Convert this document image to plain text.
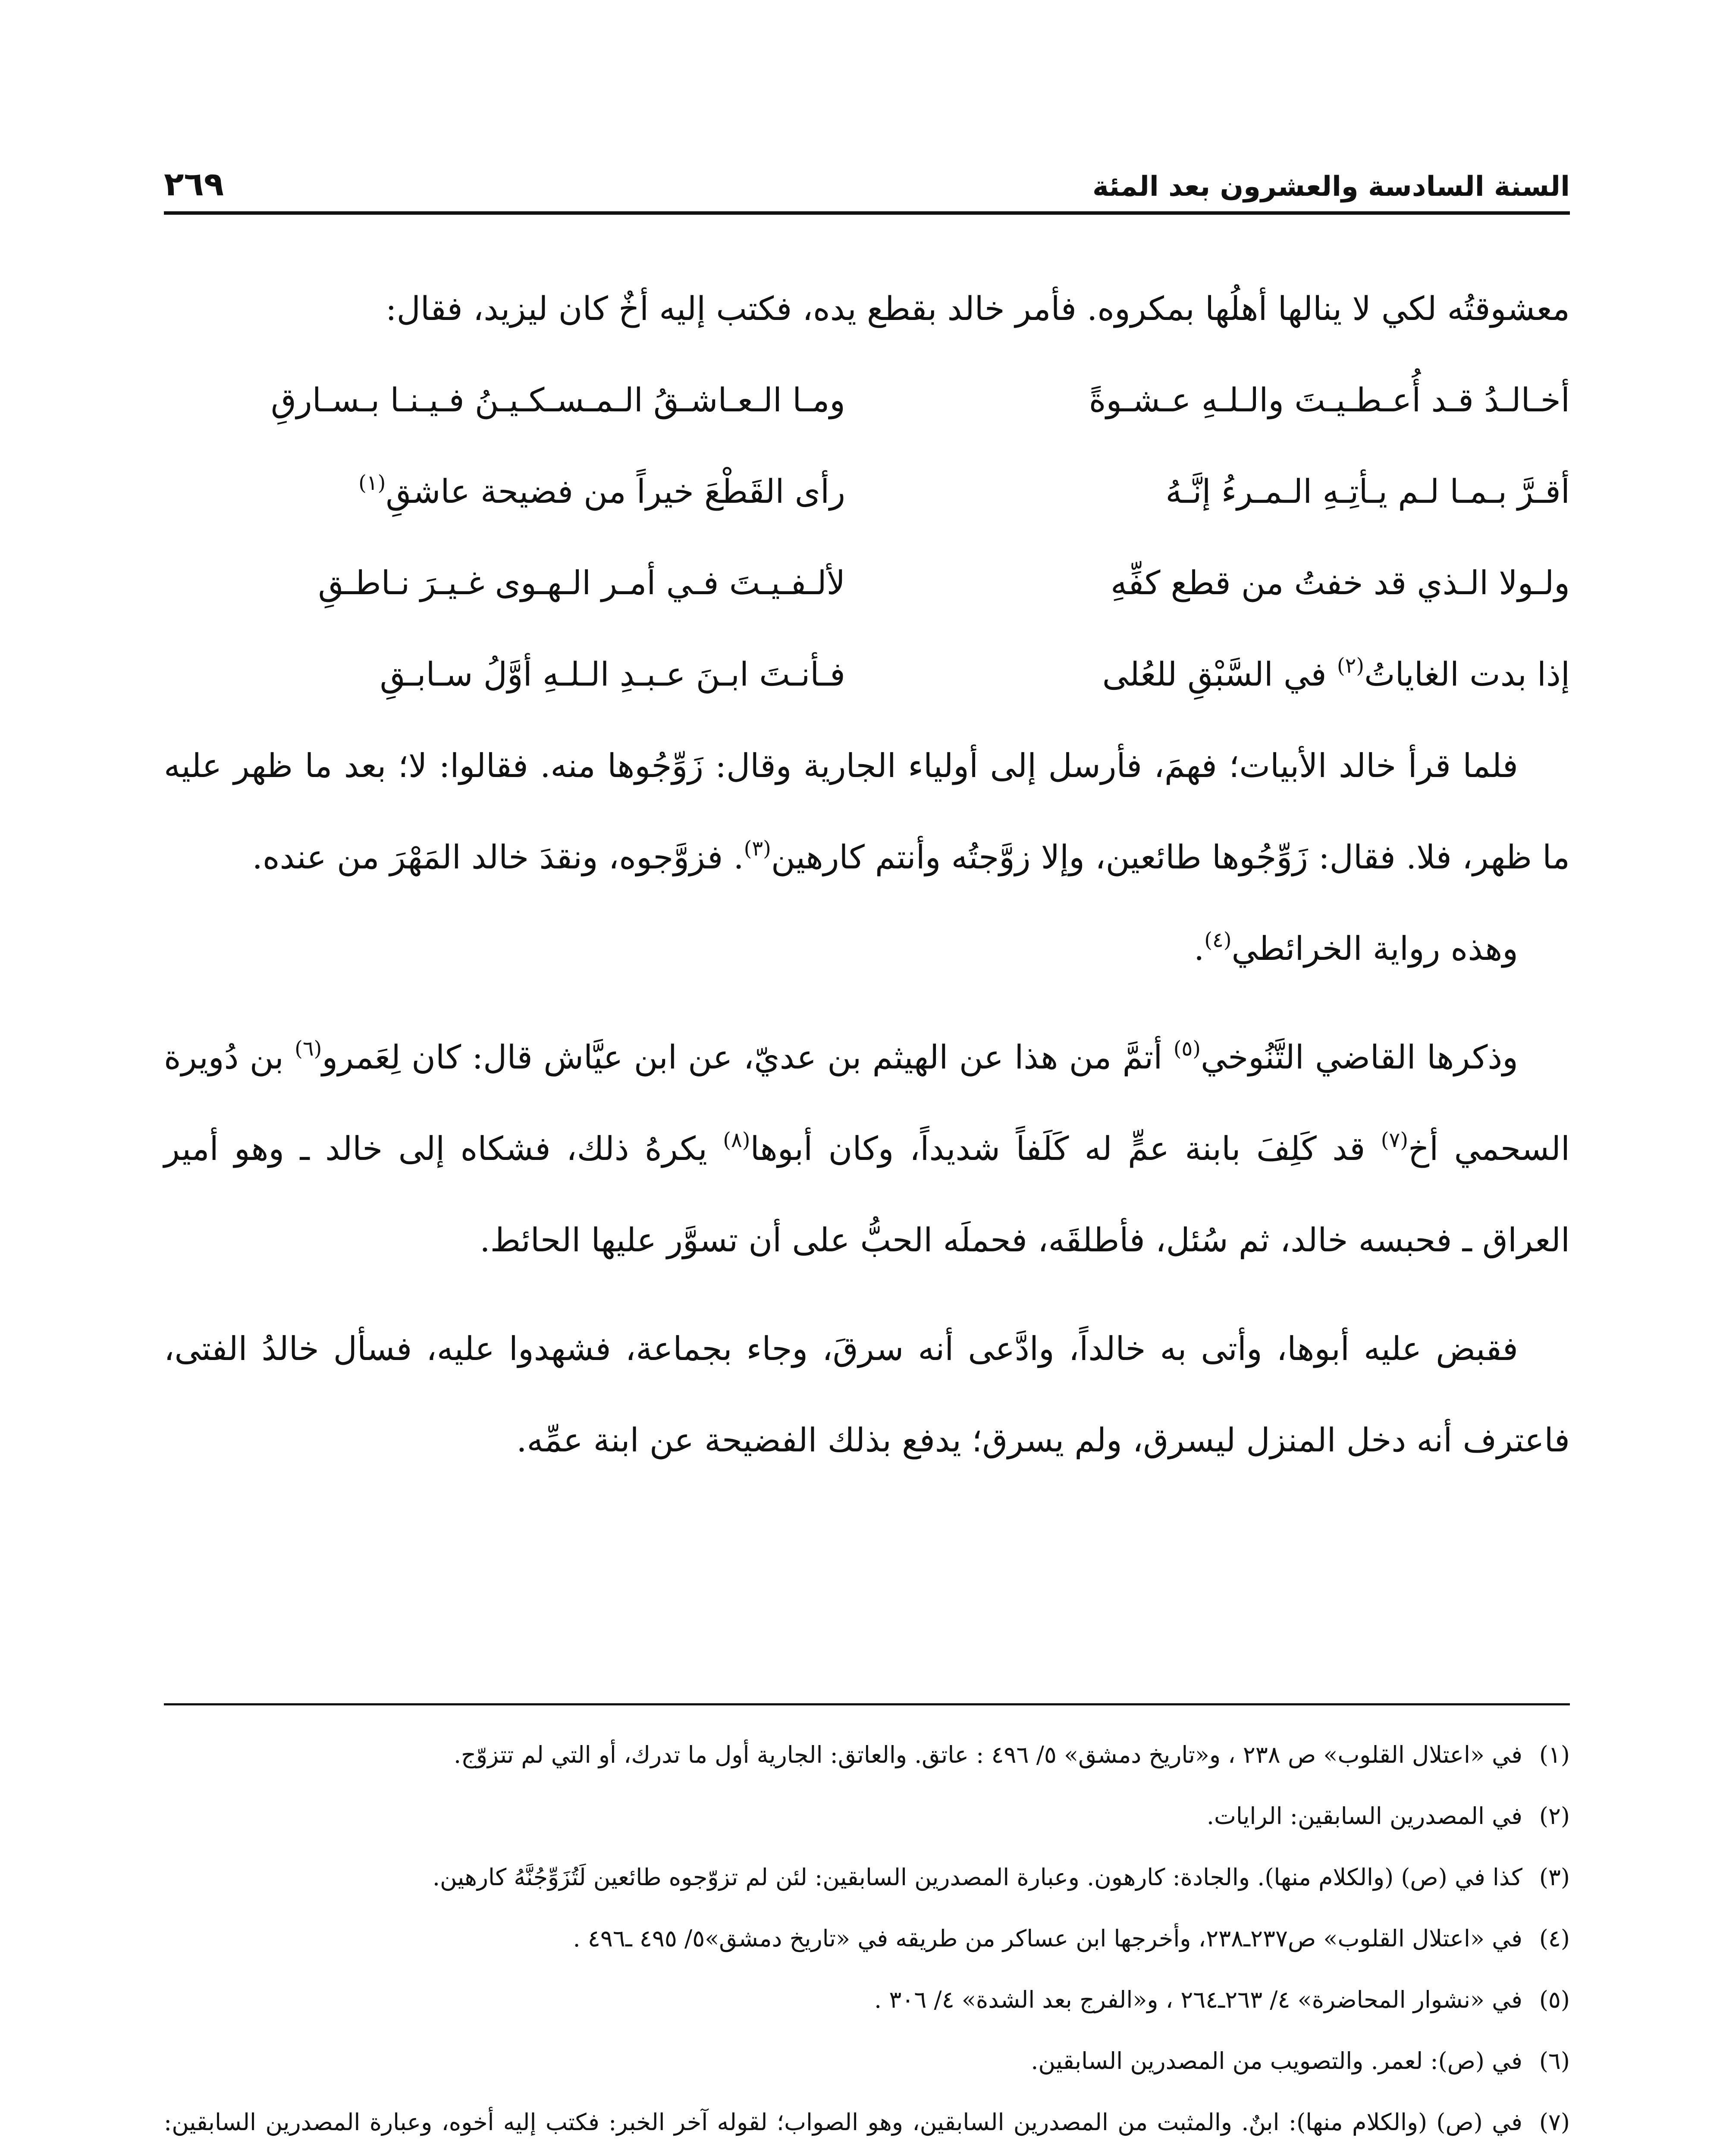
السنة السادسة والعشرون بعد المئة
٢٦٩

معشوقتُه لكي لا ينالها أهلُها بمكروه. فأمر خالد بقطع يده، فكتب إليه أخٌ كان ليزيد، فقال:

أخـالـدُ قـد أُعـطـيـتَ والـلـهِ عـشـوةً
ومـا الـعـاشـقُ الـمـسـكـيـنُ فـيـنـا بـسـارقِ
أقـرَّ بـمـا لـم يـأتِـهِ الـمـرءُ إنَّـهُ
رأى القَطْعَ خيراً من فضيحة عاشقِ$^{(١)}$
ولـولا الـذي قد خفتُ من قطع كفِّهِ
لألـفـيـتَ فـي أمـر الـهـوى غـيـرَ نـاطـقِ
إذا بدت الغاياتُ$^{(٢)}$ في السَّبْقِ للعُلى
فـأنـتَ ابـنَ عـبـدِ الـلـهِ أوَّلُ سـابـقِ

فلما قرأ خالد الأبيات؛ فهمَ، فأرسل إلى أولياء الجارية وقال: زَوِّجُوها منه. فقالوا: لا؛ بعد ما ظهر عليه ما ظهر، فلا. فقال: زَوِّجُوها طائعين، وإلا زوَّجتُه وأنتم كارهين$^{(٣)}$. فزوَّجوه، ونقدَ خالد المَهْرَ من عنده.

وهذه رواية الخرائطي$^{(٤)}$.

وذكرها القاضي التَّنُوخي$^{(٥)}$ أتمَّ من هذا عن الهيثم بن عديّ، عن ابن عيَّاش قال: كان لِعَمرو$^{(٦)}$ بن دُويرة السحمي أخ$^{(٧)}$ قد كَلِفَ بابنة عمٍّ له كَلَفاً شديداً، وكان أبوها$^{(٨)}$ يكرهُ ذلك، فشكاه إلى خالد ـ وهو أمير العراق ـ فحبسه خالد، ثم سُئل، فأطلقَه، فحملَه الحبُّ على أن تسوَّر عليها الحائط.

فقبض عليه أبوها، وأتى به خالداً، وادَّعى أنه سرقَ، وجاء بجماعة، فشهدوا عليه، فسأل خالدُ الفتى، فاعترف أنه دخل المنزل ليسرق، ولم يسرق؛ يدفع بذلك الفضيحة عن ابنة عمِّه.

(١)
في «اعتلال القلوب» ص ٢٣٨ ، و«تاريخ دمشق» ٥/ ٤٩٦ : عاتق. والعاتق: الجارية أول ما تدرك، أو التي لم تتزوّج.
(٢)
في المصدرين السابقين: الرايات.
(٣)
كذا في (ص) (والكلام منها). والجادة: كارهون. وعبارة المصدرين السابقين: لئن لم تزوّجوه طائعين لَتُزَوِّجُنَّهُ كارهين.
(٤)
في «اعتلال القلوب» ص٢٣٧ـ٢٣٨، وأخرجها ابن عساكر من طريقه في «تاريخ دمشق»٥/ ٤٩٥ ـ٤٩٦ .
(٥)
في «نشوار المحاضرة» ٤/ ٢٦٣ـ٢٦٤ ، و«الفرج بعد الشدة» ٤/ ٣٠٦ .
(٦)
في (ص): لعمر. والتصويب من المصدرين السابقين.
(٧)
في (ص) (والكلام منها): ابنٌ. والمثبت من المصدرين السابقين، وهو الصواب؛ لقوله آخر الخبر: فكتب إليه أخوه، وعبارة المصدرين السابقين:
